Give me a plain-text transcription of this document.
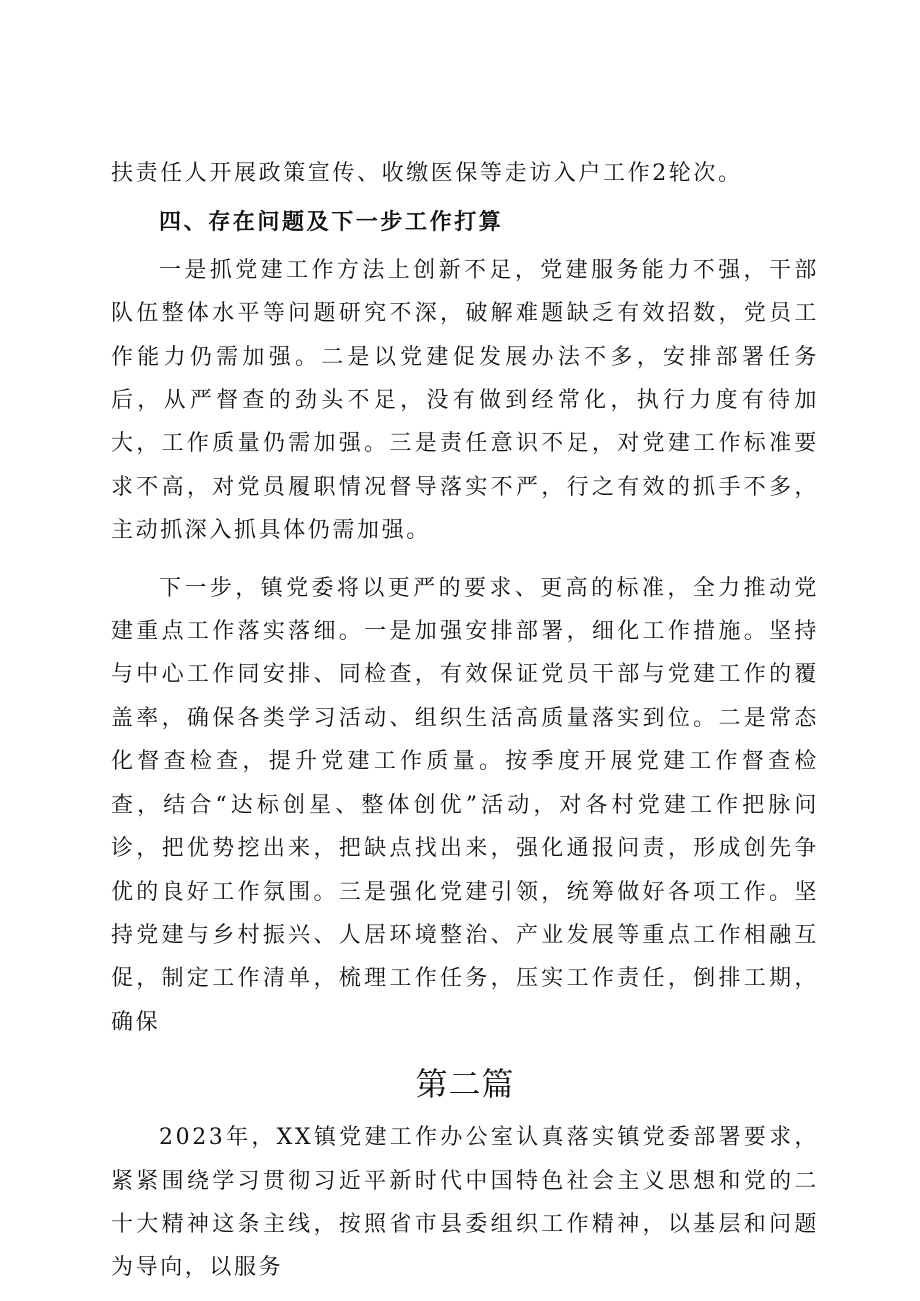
扶责任人开展政策宣传、收缴医保等走访入户工作2轮次。

四、存在问题及下一步工作打算

一是抓党建工作方法上创新不足，党建服务能力不强，干部队伍整体水平等问题研究不深，破解难题缺乏有效招数，党员工作能力仍需加强。二是以党建促发展办法不多，安排部署任务后，从严督查的劲头不足，没有做到经常化，执行力度有待加大，工作质量仍需加强。三是责任意识不足，对党建工作标准要求不高，对党员履职情况督导落实不严，行之有效的抓手不多，主动抓深入抓具体仍需加强。

下一步，镇党委将以更严的要求、更高的标准，全力推动党建重点工作落实落细。一是加强安排部署，细化工作措施。坚持与中心工作同安排、同检查，有效保证党员干部与党建工作的覆盖率，确保各类学习活动、组织生活高质量落实到位。二是常态化督查检查，提升党建工作质量。按季度开展党建工作督查检查，结合“达标创星、整体创优”活动，对各村党建工作把脉问诊，把优势挖出来，把缺点找出来，强化通报问责，形成创先争优的良好工作氛围。三是强化党建引领，统筹做好各项工作。坚持党建与乡村振兴、人居环境整治、产业发展等重点工作相融互促，制定工作清单，梳理工作任务，压实工作责任，倒排工期，确保

第二篇

2023年，XX镇党建工作办公室认真落实镇党委部署要求，紧紧围绕学习贯彻习近平新时代中国特色社会主义思想和党的二十大精神这条主线，按照省市县委组织工作精神，以基层和问题为导向，以服务
